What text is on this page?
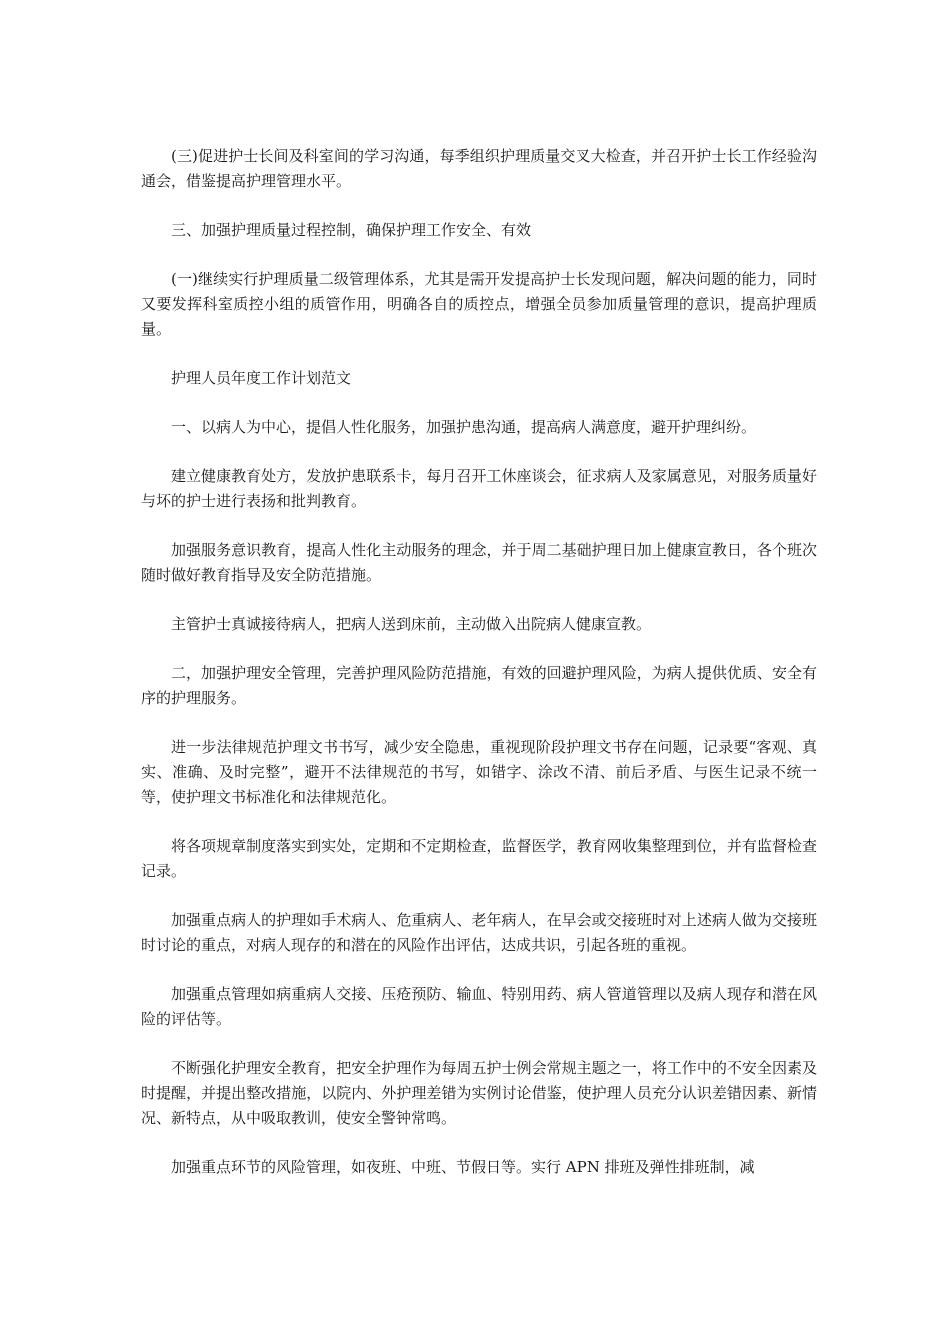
(三)促进护士长间及科室间的学习沟通，每季组织护理质量交叉大检查，并召开护士长工作经验沟通会，借鉴提高护理管理水平。

三、加强护理质量过程控制，确保护理工作安全、有效

(一)继续实行护理质量二级管理体系，尤其是需开发提高护士长发现问题，解决问题的能力，同时又要发挥科室质控小组的质管作用，明确各自的质控点，增强全员参加质量管理的意识，提高护理质量。

护理人员年度工作计划范文

一、以病人为中心，提倡人性化服务，加强护患沟通，提高病人满意度，避开护理纠纷。

建立健康教育处方，发放护患联系卡，每月召开工休座谈会，征求病人及家属意见，对服务质量好与坏的护士进行表扬和批判教育。

加强服务意识教育，提高人性化主动服务的理念，并于周二基础护理日加上健康宣教日，各个班次随时做好教育指导及安全防范措施。

主管护士真诚接待病人，把病人送到床前，主动做入出院病人健康宣教。

二，加强护理安全管理，完善护理风险防范措施，有效的回避护理风险，为病人提供优质、安全有序的护理服务。

进一步法律规范护理文书书写，减少安全隐患，重视现阶段护理文书存在问题，记录要“客观、真实、准确、及时完整”，避开不法律规范的书写，如错字、涂改不清、前后矛盾、与医生记录不统一等，使护理文书标准化和法律规范化。

将各项规章制度落实到实处，定期和不定期检查，监督医学，教育网收集整理到位，并有监督检查记录。

加强重点病人的护理如手术病人、危重病人、老年病人，在早会或交接班时对上述病人做为交接班时讨论的重点，对病人现存的和潜在的风险作出评估，达成共识，引起各班的重视。

加强重点管理如病重病人交接、压疮预防、输血、特别用药、病人管道管理以及病人现存和潜在风险的评估等。

不断强化护理安全教育，把安全护理作为每周五护士例会常规主题之一，将工作中的不安全因素及时提醒，并提出整改措施，以院内、外护理差错为实例讨论借鉴，使护理人员充分认识差错因素、新情况、新特点，从中吸取教训，使安全警钟常鸣。

加强重点环节的风险管理，如夜班、中班、节假日等。实行 APN 排班及弹性排班制，减
